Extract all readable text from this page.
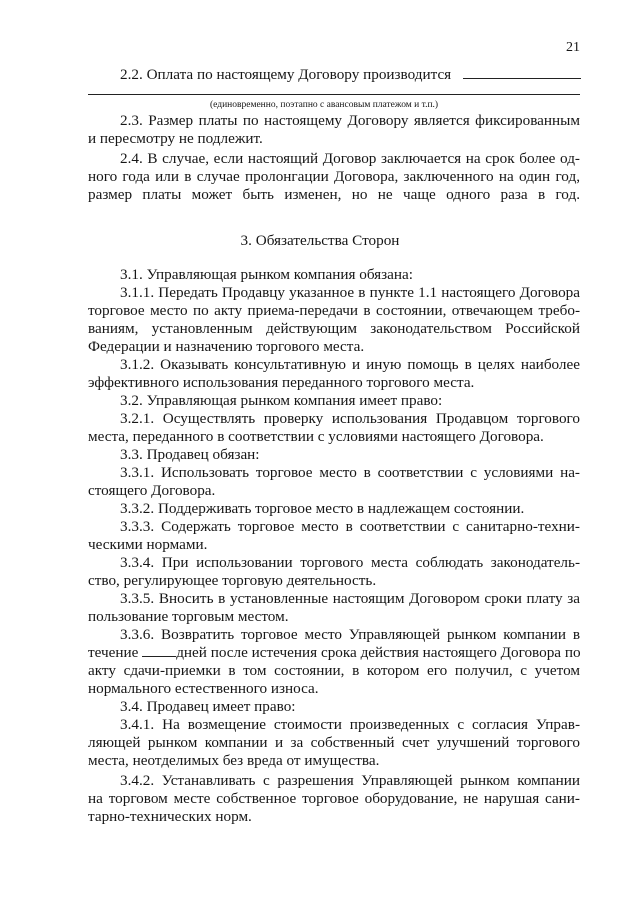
21
2.2. Оплата по настоящему Договору производится
(единовременно, поэтапно с авансовым платежом и т.п.)
2.3. Размер платы по настоящему Договору является фиксированным
и пересмотру не подлежит.
2.4. В случае, если настоящий Договор заключается на срок более од-
ного года или в случае пролонгации Договора, заключенного на один год,
размер платы может быть изменен, но не чаще одного раза в год.
3. Обязательства Сторон
3.1. Управляющая рынком компания обязана:
3.1.1. Передать Продавцу указанное в пункте 1.1 настоящего Договора
торговое место по акту приема-передачи в состоянии, отвечающем требо-
ваниям, установленным действующим законодательством Российской
Федерации и назначению торгового места.
3.1.2. Оказывать консультативную и иную помощь в целях наиболее
эффективного использования переданного торгового места.
3.2. Управляющая рынком компания имеет право:
3.2.1. Осуществлять проверку использования Продавцом торгового
места, переданного в соответствии с условиями настоящего Договора.
3.3. Продавец обязан:
3.3.1. Использовать торговое место в соответствии с условиями на-
стоящего Договора.
3.3.2. Поддерживать торговое место в надлежащем состоянии.
3.3.3. Содержать торговое место в соответствии с санитарно-техни-
ческими нормами.
3.3.4. При использовании торгового места соблюдать законодатель-
ство, регулирующее торговую деятельность.
3.3.5. Вносить в установленные настоящим Договором сроки плату за
пользование торговым местом.
3.3.6. Возвратить торговое место Управляющей рынком компании в
течение дней после истечения срока действия настоящего Договора по
акту сдачи-приемки в том состоянии, в котором его получил, с учетом
нормального естественного износа.
3.4. Продавец имеет право:
3.4.1. На возмещение стоимости произведенных с согласия Управ-
ляющей рынком компании и за собственный счет улучшений торгового
места, неотделимых без вреда от имущества.
3.4.2. Устанавливать с разрешения Управляющей рынком компании
на торговом месте собственное торговое оборудование, не нарушая сани-
тарно-технических норм.
